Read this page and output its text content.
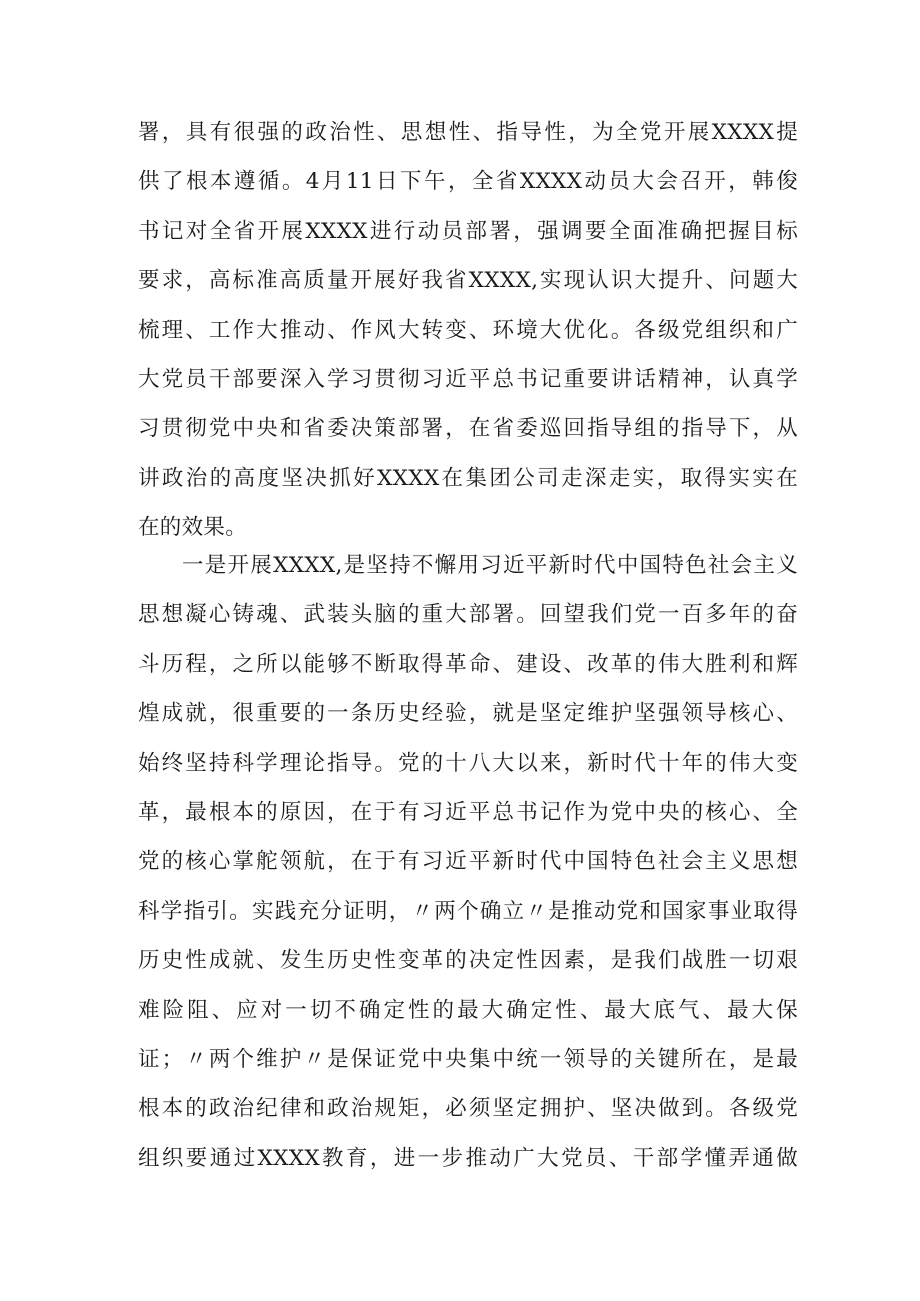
署，具有很强的政治性、思想性、指导性，为全党开展XXXX提
供了根本遵循。4月11日下午，全省XXXX动员大会召开，韩俊
书记对全省开展XXXX进行动员部署，强调要全面准确把握目标
要求，高标准高质量开展好我省XXXX,实现认识大提升、问题大
梳理、工作大推动、作风大转变、环境大优化。各级党组织和广
大党员干部要深入学习贯彻习近平总书记重要讲话精神，认真学
习贯彻党中央和省委决策部署，在省委巡回指导组的指导下，从
讲政治的高度坚决抓好XXXX在集团公司走深走实，取得实实在
在的效果。
一是开展XXXX,是坚持不懈用习近平新时代中国特色社会主义
思想凝心铸魂、武装头脑的重大部署。回望我们党一百多年的奋
斗历程，之所以能够不断取得革命、建设、改革的伟大胜利和辉
煌成就，很重要的一条历史经验，就是坚定维护坚强领导核心、
始终坚持科学理论指导。党的十八大以来，新时代十年的伟大变
革，最根本的原因，在于有习近平总书记作为党中央的核心、全
党的核心掌舵领航，在于有习近平新时代中国特色社会主义思想
科学指引。实践充分证明，〃两个确立〃是推动党和国家事业取得
历史性成就、发生历史性变革的决定性因素，是我们战胜一切艰
难险阻、应对一切不确定性的最大确定性、最大底气、最大保
证；〃两个维护〃是保证党中央集中统一领导的关键所在，是最
根本的政治纪律和政治规矩，必须坚定拥护、坚决做到。各级党
组织要通过XXXX教育，进一步推动广大党员、干部学懂弄通做
